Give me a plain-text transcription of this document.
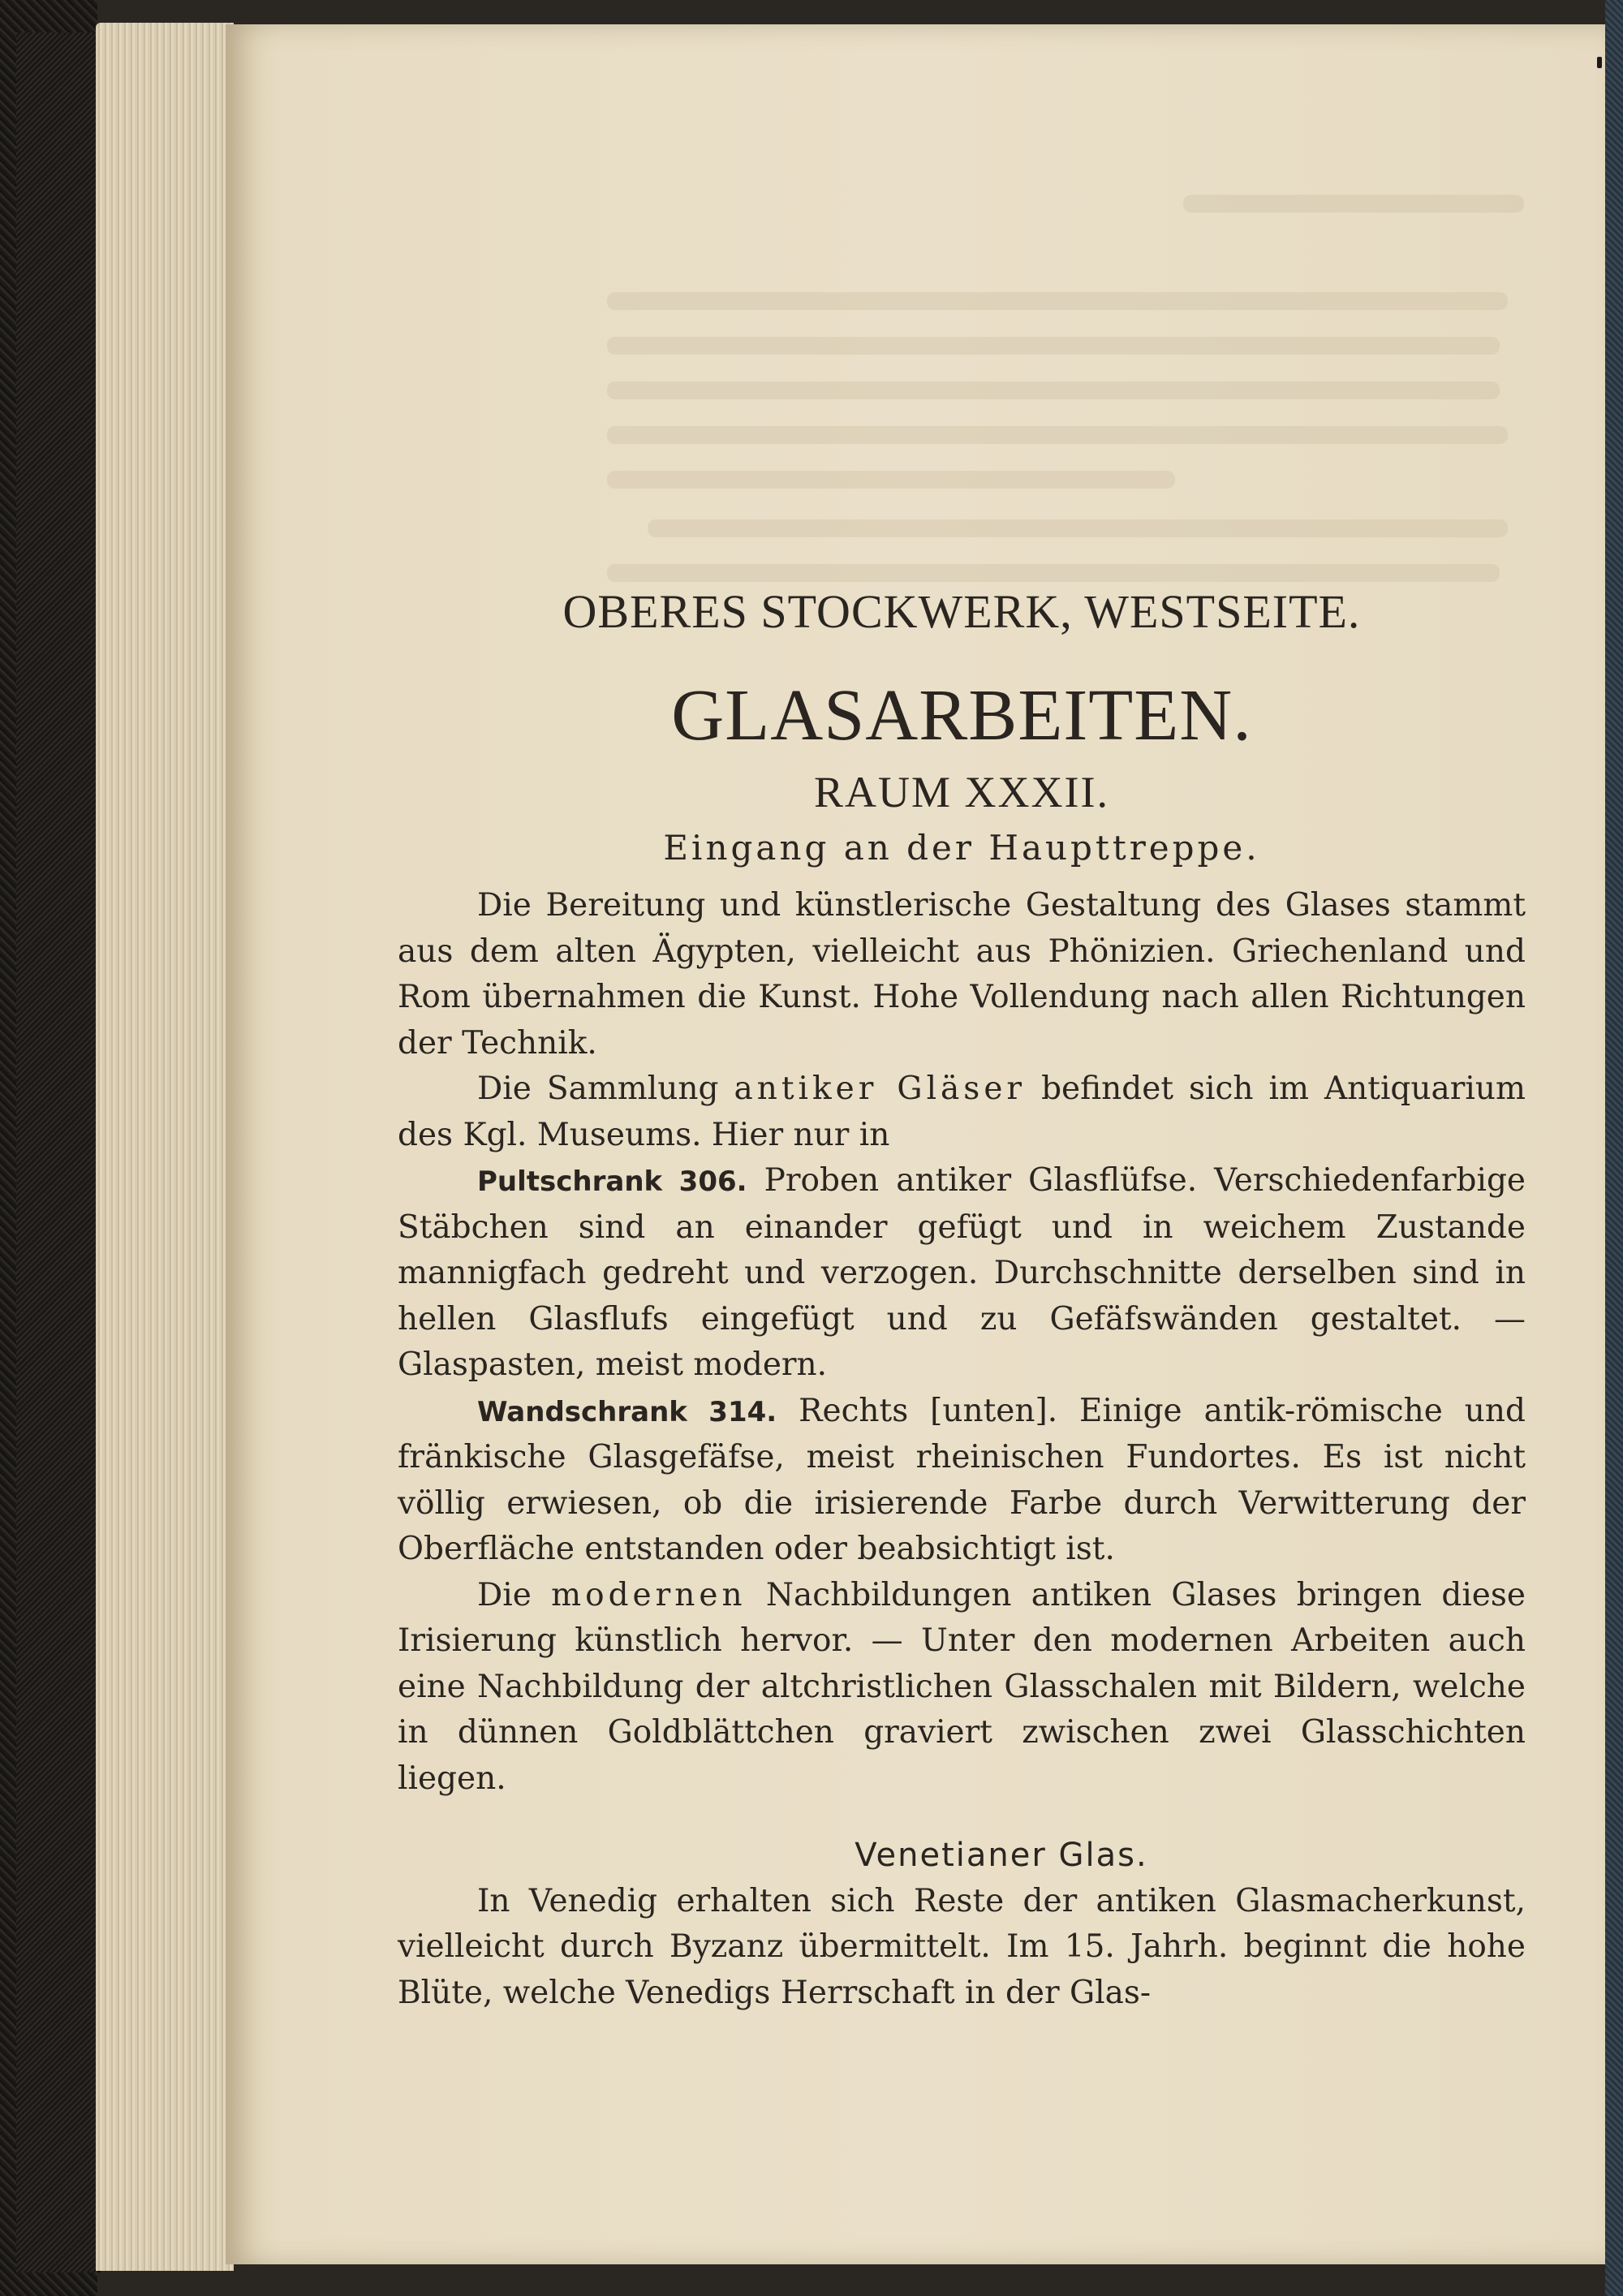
OBERES STOCKWERK, WESTSEITE.
GLASARBEITEN.
RAUM XXXII.
Eingang an der Haupttreppe.

Die Bereitung und künstlerische Gestaltung des Glases stammt aus dem alten Ägypten, vielleicht aus Phönizien. Griechenland und Rom übernahmen die Kunst. Hohe Vollendung nach allen Richtungen der Technik.

Die Sammlung antiker Gläser befindet sich im Antiquarium des Kgl. Museums. Hier nur in

Pultschrank 306. Proben antiker Glasflüfse. Verschiedenfarbige Stäbchen sind an einander gefügt und in weichem Zustande mannigfach gedreht und verzogen. Durchschnitte derselben sind in hellen Glasflufs eingefügt und zu Gefäfswänden gestaltet. — Glaspasten, meist modern.

Wandschrank 314. Rechts [unten]. Einige antik-römische und fränkische Glasgefäfse, meist rheinischen Fundortes. Es ist nicht völlig erwiesen, ob die irisierende Farbe durch Verwitterung der Oberfläche entstanden oder beabsichtigt ist.

Die modernen Nachbildungen antiken Glases bringen diese Irisierung künstlich hervor. — Unter den modernen Arbeiten auch eine Nachbildung der altchristlichen Glasschalen mit Bildern, welche in dünnen Goldblättchen graviert zwischen zwei Glasschichten liegen.

Venetianer Glas.

In Venedig erhalten sich Reste der antiken Glasmacherkunst, vielleicht durch Byzanz übermittelt. Im 15. Jahrh. beginnt die hohe Blüte, welche Venedigs Herrschaft in der Glas-
